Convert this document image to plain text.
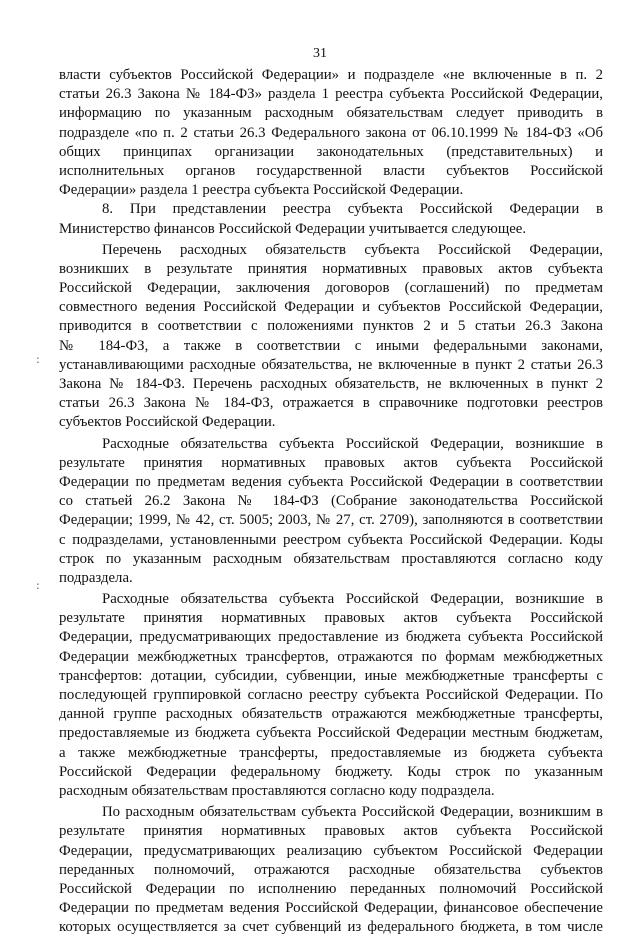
31
:
:
власти субъектов Российской Федерации» и подразделе «не включенные в п. 2
статьи 26.3 Закона № 184-ФЗ» раздела 1 реестра субъекта Российской Федерации,
информацию по указанным расходным обязательствам следует приводить в
подразделе «по п. 2 статьи 26.3 Федерального закона от 06.10.1999 № 184-ФЗ «Об
общих принципах организации законодательных (представительных) и
исполнительных органов государственной власти субъектов Российской
Федерации» раздела 1 реестра субъекта Российской Федерации.
8. При представлении реестра субъекта Российской Федерации в
Министерство финансов Российской Федерации учитывается следующее.
Перечень расходных обязательств субъекта Российской Федерации,
возникших в результате принятия нормативных правовых актов субъекта
Российской Федерации, заключения договоров (соглашений) по предметам
совместного ведения Российской Федерации и субъектов Российской Федерации,
приводится в соответствии с положениями пунктов 2 и 5 статьи 26.3 Закона
№ 184-ФЗ, а также в соответствии с иными федеральными законами,
устанавливающими расходные обязательства, не включенные в пункт 2 статьи 26.3
Закона № 184-ФЗ. Перечень расходных обязательств, не включенных в пункт 2
статьи 26.3 Закона № 184-ФЗ, отражается в справочнике подготовки реестров
субъектов Российской Федерации.
Расходные обязательства субъекта Российской Федерации, возникшие в
результате принятия нормативных правовых актов субъекта Российской
Федерации по предметам ведения субъекта Российской Федерации в соответствии
со статьей 26.2 Закона № 184-ФЗ (Собрание законодательства Российской
Федерации; 1999, № 42, ст. 5005; 2003, № 27, ст. 2709), заполняются в соответствии
с подразделами, установленными реестром субъекта Российской Федерации. Коды
строк по указанным расходным обязательствам проставляются согласно коду
подраздела.
Расходные обязательства субъекта Российской Федерации, возникшие в
результате принятия нормативных правовых актов субъекта Российской
Федерации, предусматривающих предоставление из бюджета субъекта Российской
Федерации межбюджетных трансфертов, отражаются по формам межбюджетных
трансфертов: дотации, субсидии, субвенции, иные межбюджетные трансферты с
последующей группировкой согласно реестру субъекта Российской Федерации. По
данной группе расходных обязательств отражаются межбюджетные трансферты,
предоставляемые из бюджета субъекта Российской Федерации местным бюджетам,
а также межбюджетные трансферты, предоставляемые из бюджета субъекта
Российской Федерации федеральному бюджету. Коды строк по указанным
расходным обязательствам проставляются согласно коду подраздела.
По расходным обязательствам субъекта Российской Федерации, возникшим в
результате принятия нормативных правовых актов субъекта Российской
Федерации, предусматривающих реализацию субъектом Российской Федерации
переданных полномочий, отражаются расходные обязательства субъектов
Российской Федерации по исполнению переданных полномочий Российской
Федерации по предметам ведения Российской Федерации, финансовое обеспечение
которых осуществляется за счет субвенций из федерального бюджета, в том числе
